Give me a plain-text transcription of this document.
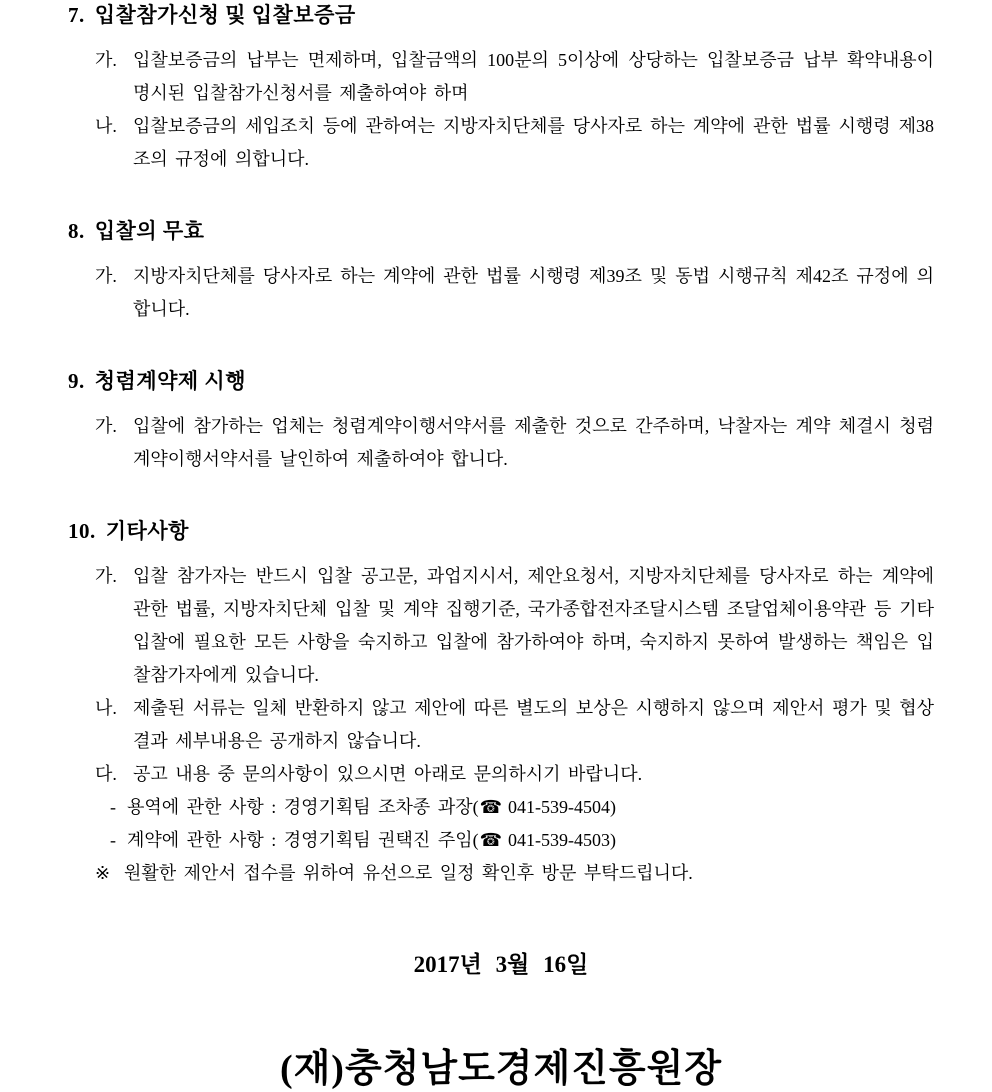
7. 입찰참가신청 및 입찰보증금
가. 입찰보증금의 납부는 면제하며, 입찰금액의 100분의 5이상에 상당하는 입찰보증금 납부 확약내용이 명시된 입찰참가신청서를 제출하여야 하며
나. 입찰보증금의 세입조치 등에 관하여는 지방자치단체를 당사자로 하는 계약에 관한 법률 시행령 제38조의 규정에 의합니다.
8. 입찰의 무효
가. 지방자치단체를 당사자로 하는 계약에 관한 법률 시행령 제39조 및 동법 시행규칙 제42조 규정에 의합니다.
9. 청렴계약제 시행
가. 입찰에 참가하는 업체는 청렴계약이행서약서를 제출한 것으로 간주하며, 낙찰자는 계약 체결시 청렴계약이행서약서를 날인하여 제출하여야 합니다.
10. 기타사항
가. 입찰 참가자는 반드시 입찰 공고문, 과업지시서, 제안요청서, 지방자치단체를 당사자로 하는 계약에 관한 법률, 지방자치단체 입찰 및 계약 집행기준, 국가종합전자조달시스템 조달업체이용약관 등 기타 입찰에 필요한 모든 사항을 숙지하고 입찰에 참가하여야 하며, 숙지하지 못하여 발생하는 책임은 입찰참가자에게 있습니다.
나. 제출된 서류는 일체 반환하지 않고 제안에 따른 별도의 보상은 시행하지 않으며 제안서 평가 및 협상결과 세부내용은 공개하지 않습니다.
다. 공고 내용 중 문의사항이 있으시면 아래로 문의하시기 바랍니다.
- 용역에 관한 사항 : 경영기획팀 조차종 과장(☎ 041-539-4504)
- 계약에 관한 사항 : 경영기획팀 권택진 주임(☎ 041-539-4503)
※ 원활한 제안서 접수를 위하여 유선으로 일정 확인후 방문 부탁드립니다.
2017년 3월 16일
(재)충청남도경제진흥원장
